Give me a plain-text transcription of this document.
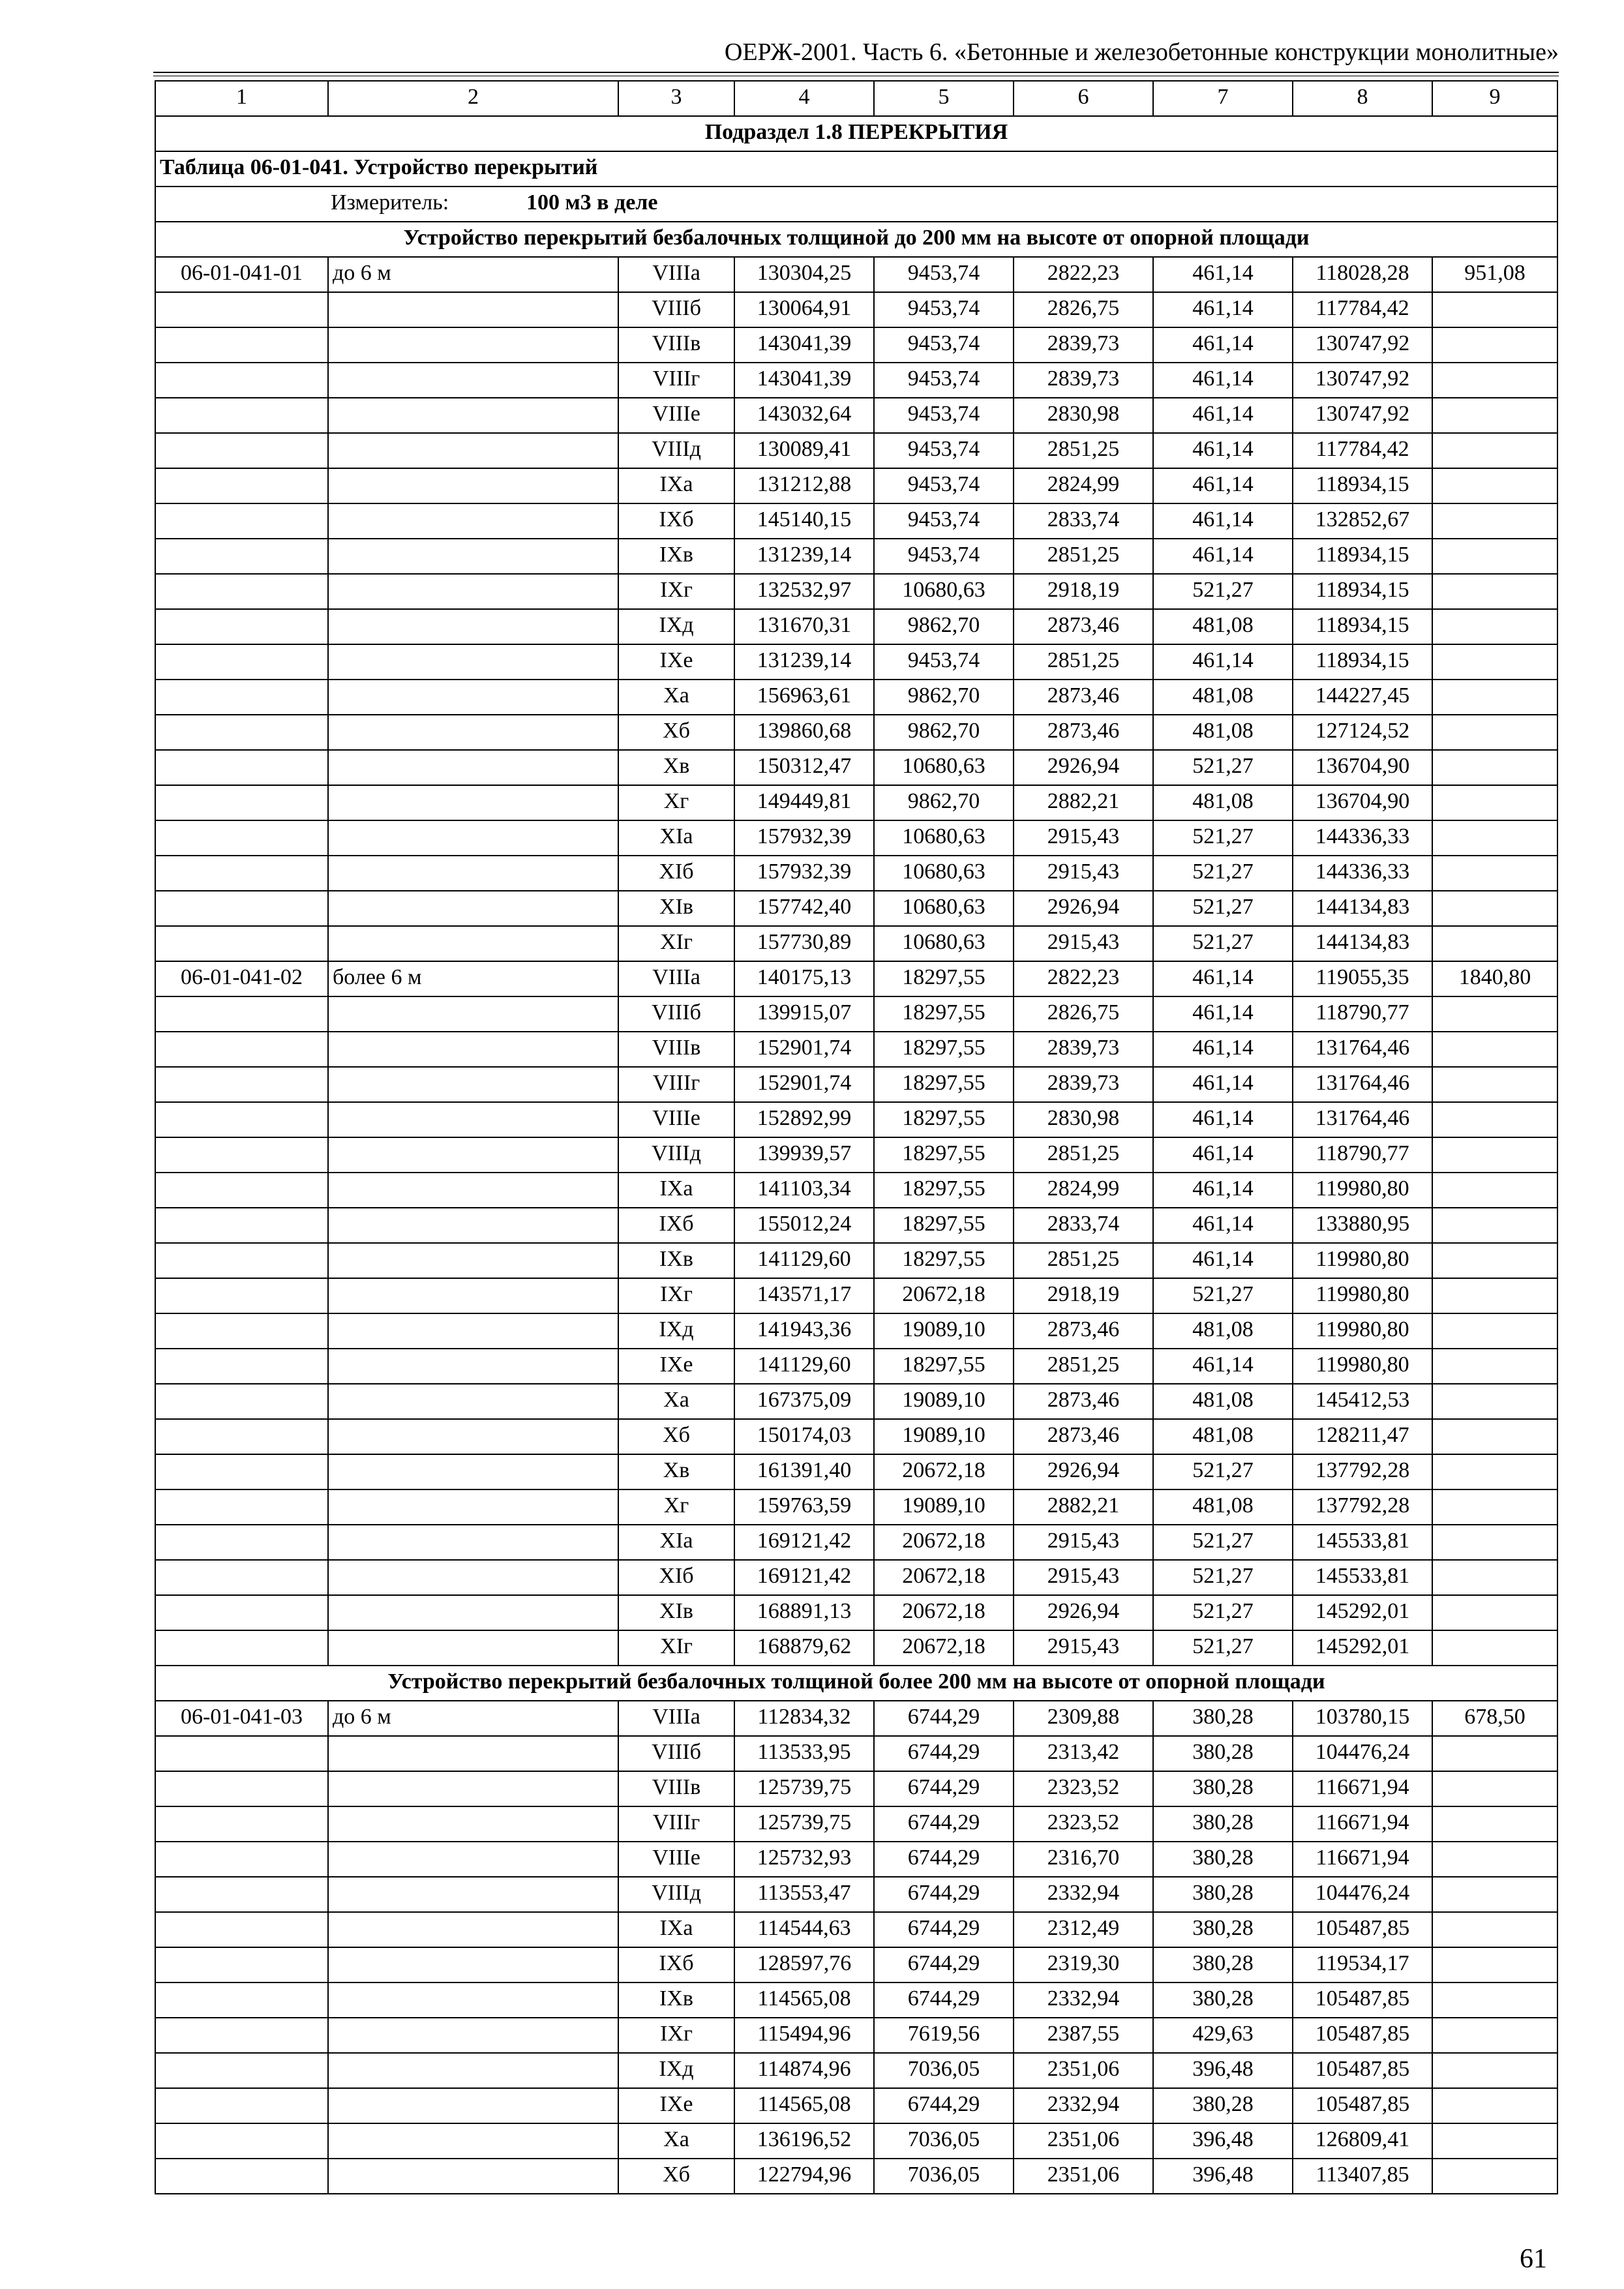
ОЕРЖ-2001. Часть 6. «Бетонные и железобетонные конструкции монолитные»
1	2	3	4	5	6	7	8	9
Подраздел 1.8 ПЕРЕКРЫТИЯ								
Таблица 06-01-041. Устройство перекрытий								
Измеритель: 100 м3 в деле								
Устройство перекрытий безбалочных толщиной до 200 мм на высоте от опорной площади								
06-01-041-01	до 6 м	VIIIа	130304,25	9453,74	2822,23	461,14	118028,28	951,08
		VIIIб	130064,91	9453,74	2826,75	461,14	117784,42	
		VIIIв	143041,39	9453,74	2839,73	461,14	130747,92	
		VIIIг	143041,39	9453,74	2839,73	461,14	130747,92	
		VIIIе	143032,64	9453,74	2830,98	461,14	130747,92	
		VIIIд	130089,41	9453,74	2851,25	461,14	117784,42	
		IXа	131212,88	9453,74	2824,99	461,14	118934,15	
		IXб	145140,15	9453,74	2833,74	461,14	132852,67	
		IXв	131239,14	9453,74	2851,25	461,14	118934,15	
		IXг	132532,97	10680,63	2918,19	521,27	118934,15	
		IXд	131670,31	9862,70	2873,46	481,08	118934,15	
		IXе	131239,14	9453,74	2851,25	461,14	118934,15	
		Xа	156963,61	9862,70	2873,46	481,08	144227,45	
		Xб	139860,68	9862,70	2873,46	481,08	127124,52	
		Xв	150312,47	10680,63	2926,94	521,27	136704,90	
		Xг	149449,81	9862,70	2882,21	481,08	136704,90	
		XIа	157932,39	10680,63	2915,43	521,27	144336,33	
		XIб	157932,39	10680,63	2915,43	521,27	144336,33	
		XIв	157742,40	10680,63	2926,94	521,27	144134,83	
		XIг	157730,89	10680,63	2915,43	521,27	144134,83	
06-01-041-02	более 6 м	VIIIа	140175,13	18297,55	2822,23	461,14	119055,35	1840,80
		VIIIб	139915,07	18297,55	2826,75	461,14	118790,77	
		VIIIв	152901,74	18297,55	2839,73	461,14	131764,46	
		VIIIг	152901,74	18297,55	2839,73	461,14	131764,46	
		VIIIе	152892,99	18297,55	2830,98	461,14	131764,46	
		VIIIд	139939,57	18297,55	2851,25	461,14	118790,77	
		IXа	141103,34	18297,55	2824,99	461,14	119980,80	
		IXб	155012,24	18297,55	2833,74	461,14	133880,95	
		IXв	141129,60	18297,55	2851,25	461,14	119980,80	
		IXг	143571,17	20672,18	2918,19	521,27	119980,80	
		IXд	141943,36	19089,10	2873,46	481,08	119980,80	
		IXе	141129,60	18297,55	2851,25	461,14	119980,80	
		Xа	167375,09	19089,10	2873,46	481,08	145412,53	
		Xб	150174,03	19089,10	2873,46	481,08	128211,47	
		Xв	161391,40	20672,18	2926,94	521,27	137792,28	
		Xг	159763,59	19089,10	2882,21	481,08	137792,28	
		XIа	169121,42	20672,18	2915,43	521,27	145533,81	
		XIб	169121,42	20672,18	2915,43	521,27	145533,81	
		XIв	168891,13	20672,18	2926,94	521,27	145292,01	
		XIг	168879,62	20672,18	2915,43	521,27	145292,01	
Устройство перекрытий безбалочных толщиной более 200 мм на высоте от опорной площади								
06-01-041-03	до 6 м	VIIIа	112834,32	6744,29	2309,88	380,28	103780,15	678,50
		VIIIб	113533,95	6744,29	2313,42	380,28	104476,24	
		VIIIв	125739,75	6744,29	2323,52	380,28	116671,94	
		VIIIг	125739,75	6744,29	2323,52	380,28	116671,94	
		VIIIе	125732,93	6744,29	2316,70	380,28	116671,94	
		VIIIд	113553,47	6744,29	2332,94	380,28	104476,24	
		IXа	114544,63	6744,29	2312,49	380,28	105487,85	
		IXб	128597,76	6744,29	2319,30	380,28	119534,17	
		IXв	114565,08	6744,29	2332,94	380,28	105487,85	
		IXг	115494,96	7619,56	2387,55	429,63	105487,85	
		IXд	114874,96	7036,05	2351,06	396,48	105487,85	
		IXе	114565,08	6744,29	2332,94	380,28	105487,85	
		Xа	136196,52	7036,05	2351,06	396,48	126809,41	
		Xб	122794,96	7036,05	2351,06	396,48	113407,85	
61
